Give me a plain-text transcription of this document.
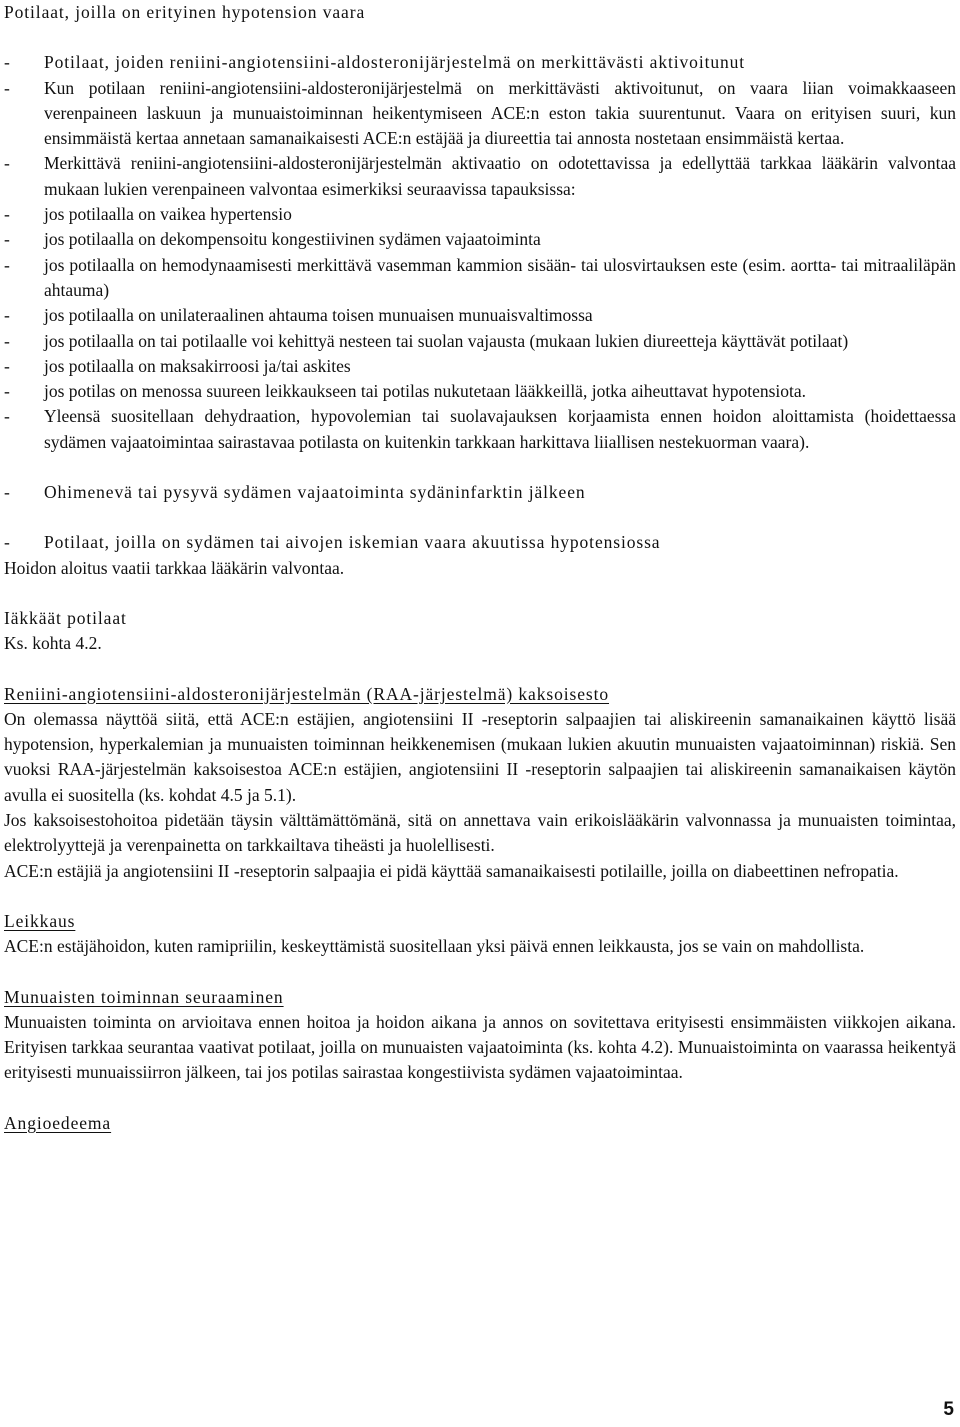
Potilaat, joilla on erityinen hypotension vaara
-	Potilaat, joiden reniini-angiotensiini-aldosteronijärjestelmä on merkittävästi aktivoitunut
-	Kun potilaan reniini-angiotensiini-aldosteronijärjestelmä on merkittävästi aktivoitunut, on vaara liian voimakkaaseen verenpaineen laskuun ja munuaistoiminnan heikentymiseen ACE:n eston takia suurentunut. Vaara on erityisen suuri, kun ensimmäistä kertaa annetaan samanaikaisesti ACE:n estäjää ja diureettia tai annosta nostetaan ensimmäistä kertaa.
-	Merkittävä reniini-angiotensiini-aldosteronijärjestelmän aktivaatio on odotettavissa ja edellyttää tarkkaa lääkärin valvontaa mukaan lukien verenpaineen valvontaa esimerkiksi seuraavissa tapauksissa:
-	jos potilaalla on vaikea hypertensio
-	jos potilaalla on dekompensoitu kongestiivinen sydämen vajaatoiminta
-	jos potilaalla on hemodynaamisesti merkittävä vasemman kammion sisään- tai ulosvirtauksen este (esim. aortta- tai mitraaliläpän ahtauma)
-	jos potilaalla on unilateraalinen ahtauma toisen munuaisen munuaisvaltimossa
-	jos potilaalla on tai potilaalle voi kehittyä nesteen tai suolan vajausta (mukaan lukien diureetteja käyttävät potilaat)
-	jos potilaalla on maksakirroosi ja/tai askites
-	jos potilas on menossa suureen leikkaukseen tai potilas nukutetaan lääkkeillä, jotka aiheuttavat hypotensiota.
-	Yleensä suositellaan dehydraation, hypovolemian tai suolavajauksen korjaamista ennen hoidon aloittamista (hoidettaessa sydämen vajaatoimintaa sairastavaa potilasta on kuitenkin tarkkaan harkittava liiallisen nestekuorman vaara).
-	Ohimenevä tai pysyvä sydämen vajaatoiminta sydäninfarktin jälkeen
-	Potilaat, joilla on sydämen tai aivojen iskemian vaara akuutissa hypotensiossa
Hoidon aloitus vaatii tarkkaa lääkärin valvontaa.
Iäkkäät potilaat
Ks. kohta 4.2.
Reniini-angiotensiini-aldosteronijärjestelmän (RAA-järjestelmä) kaksoisesto
On olemassa näyttöä siitä, että ACE:n estäjien, angiotensiini II -reseptorin salpaajien tai aliskireenin samanaikainen käyttö lisää hypotension, hyperkalemian ja munuaisten toiminnan heikkenemisen (mukaan lukien akuutin munuaisten vajaatoiminnan) riskiä. Sen vuoksi RAA-järjestelmän kaksoisestoa ACE:n estäjien, angiotensiini II -reseptorin salpaajien tai aliskireenin samanaikaisen käytön avulla ei suositella (ks. kohdat 4.5 ja 5.1).
Jos kaksoisestohoitoa pidetään täysin välttämättömänä, sitä on annettava vain erikoislääkärin valvonnassa ja munuaisten toimintaa, elektrolyyttejä ja verenpainetta on tarkkailtava tiheästi ja huolellisesti.
ACE:n estäjiä ja angiotensiini II -reseptorin salpaajia ei pidä käyttää samanaikaisesti potilaille, joilla on diabeettinen nefropatia.
Leikkaus
ACE:n estäjähoidon, kuten ramipriilin, keskeyttämistä suositellaan yksi päivä ennen leikkausta, jos se vain on mahdollista.
Munuaisten toiminnan seuraaminen
Munuaisten toiminta on arvioitava ennen hoitoa ja hoidon aikana ja annos on sovitettava erityisesti ensimmäisten viikkojen aikana. Erityisen tarkkaa seurantaa vaativat potilaat, joilla on munuaisten vajaatoiminta (ks. kohta 4.2). Munuaistoiminta on vaarassa heikentyä erityisesti munuaissiirron jälkeen, tai jos potilas sairastaa kongestiivista sydämen vajaatoimintaa.
Angioedeema
5
